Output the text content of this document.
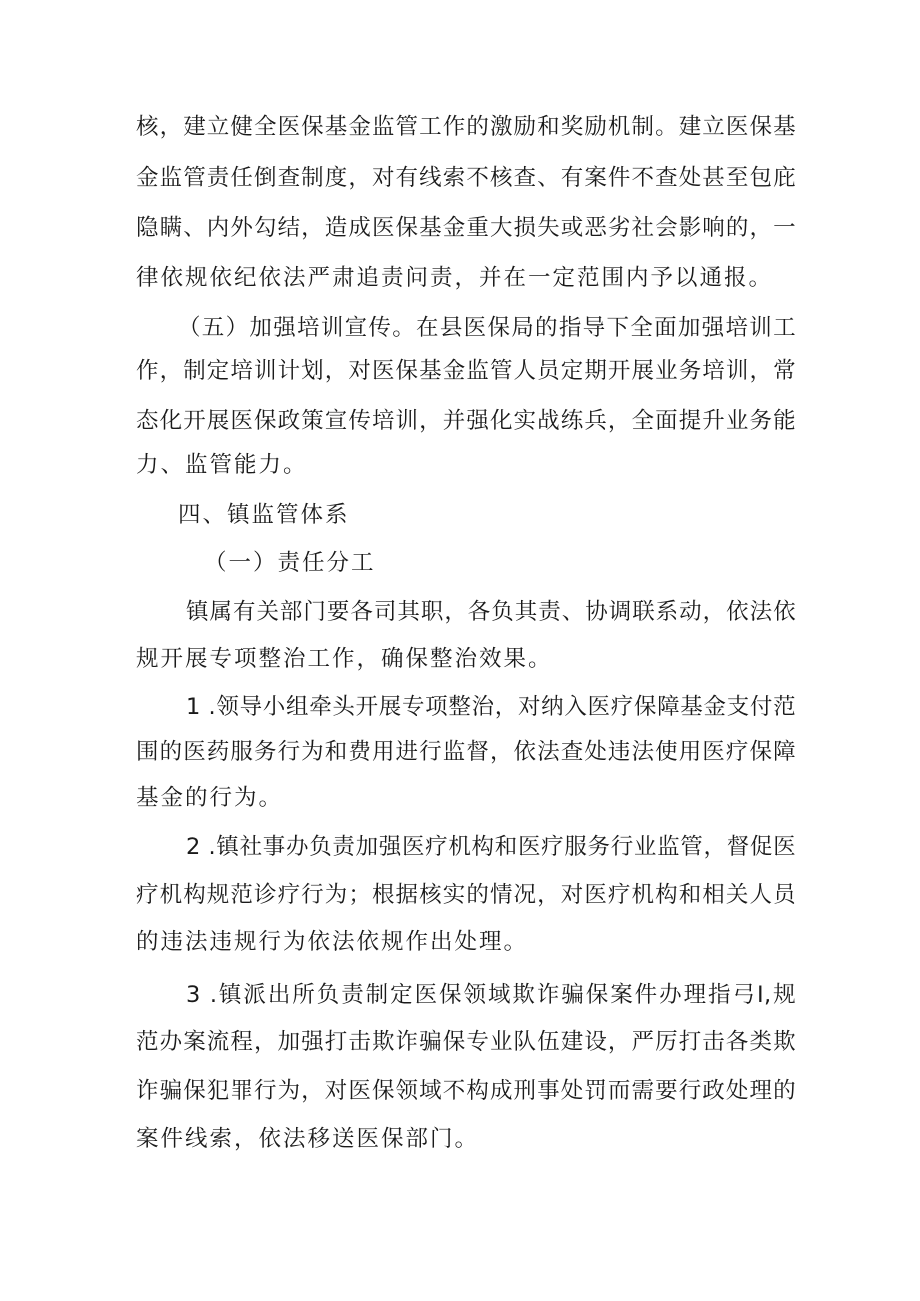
核，建立健全医保基金监管工作的激励和奖励机制。建立医保基

金监管责任倒查制度，对有线索不核查、有案件不查处甚至包庇

隐瞒、内外勾结，造成医保基金重大损失或恶劣社会影响的，一

律依规依纪依法严肃追责问责，并在一定范围内予以通报。

（五）加强培训宣传。在县医保局的指导下全面加强培训工

作，制定培训计划，对医保基金监管人员定期开展业务培训，常

态化开展医保政策宣传培训，并强化实战练兵，全面提升业务能

力、监管能力。

四、镇监管体系

（一）责任分工

镇属有关部门要各司其职，各负其责、协调联系动，依法依

规开展专项整治工作，确保整治效果。

1 .领导小组牵头开展专项整治，对纳入医疗保障基金支付范

围的医药服务行为和费用进行监督，依法查处违法使用医疗保障

基金的行为。

2 .镇社事办负责加强医疗机构和医疗服务行业监管，督促医

疗机构规范诊疗行为；根据核实的情况，对医疗机构和相关人员

的违法违规行为依法依规作出处理。

3 .镇派出所负责制定医保领域欺诈骗保案件办理指弓I,规

范办案流程，加强打击欺诈骗保专业队伍建设，严厉打击各类欺

诈骗保犯罪行为，对医保领域不构成刑事处罚而需要行政处理的

案件线索，依法移送医保部门。
